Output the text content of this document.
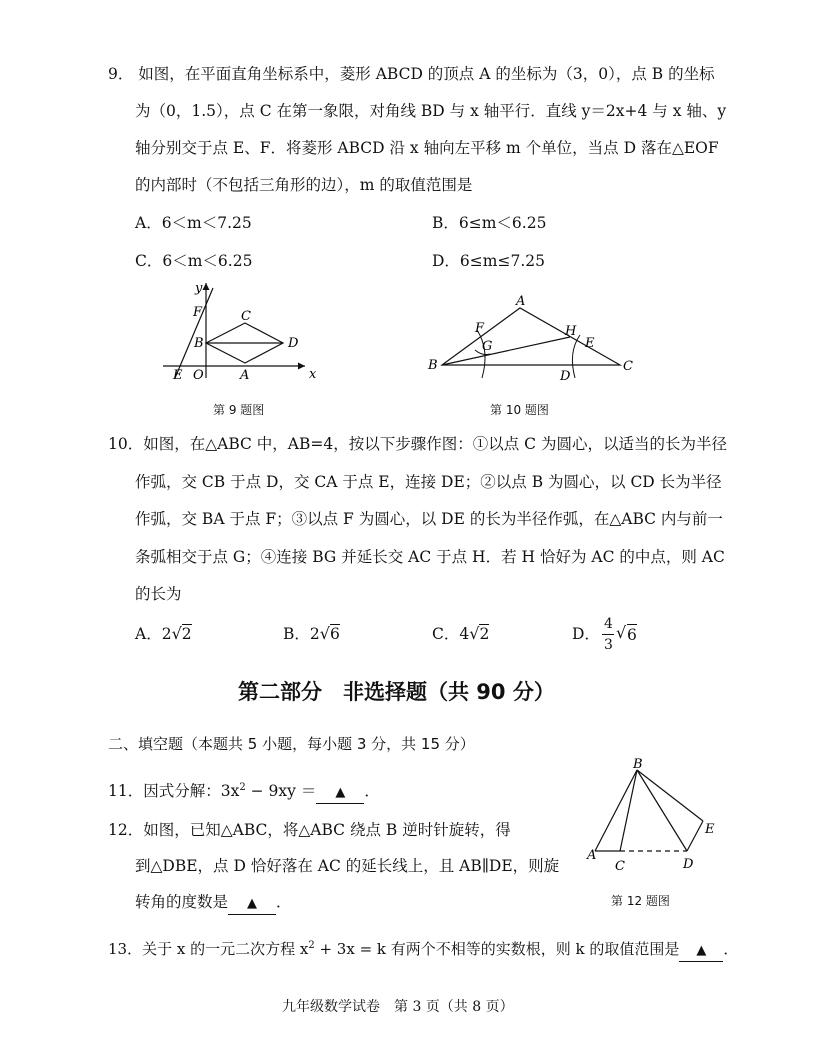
9． 如图，在平面直角坐标系中，菱形 ABCD 的顶点 A 的坐标为（3，0），点 B 的坐标
为（0，1.5），点 C 在第一象限，对角线 BD 与 x 轴平行．直线 y＝2x+4 与 x 轴、y
轴分别交于点 E、F．将菱形 ABCD 沿 x 轴向左平移 m 个单位，当点 D 落在△EOF
的内部时（不包括三角形的边），m 的取值范围是
A．6＜m＜7.25	B．6≤m＜6.25
C．6＜m＜6.25	D．6≤m≤7.25
y
x
F	C
B	D
E O	A
第 9 题图
A
F
G
H
E
B
D
C
第 10 题图
10．如图，在△ABC 中，AB=4，按以下步骤作图：①以点 C 为圆心，以适当的长为半径
作弧，交 CB 于点 D，交 CA 于点 E，连接 DE；②以点 B 为圆心，以 CD 长为半径
作弧，交 BA 于点 F；③以点 F 为圆心，以 DE 的长为半径作弧，在△ABC 内与前一
条弧相交于点 G；④连接 BG 并延长交 AC 于点 H．若 H 恰好为 AC 的中点，则 AC
的长为
A．2√2	B．2√6	C．4√2	D．
4
3
√ 6
第二部分　非选择题（共 90 分）
二、填空题（本题共 5 小题，每小题 3 分，共 15 分）
11．因式分解：$3x^2 - 9xy$ ＝ ▲ ．
12．如图，已知△ABC，将△ABC 绕点 B 逆时针旋转，得
到△DBE，点 D 恰好落在 AC 的延长线上，且 AB∥DE，则旋
转角的度数是 ▲ ．
B
E
A
C	D
第 12 题图
13．关于 x 的一元二次方程 $x^2 + 3x = k$ 有两个不相等的实数根，则 k 的取值范围是 ▲ ．
九年级数学试卷　第 3 页（共 8 页）
